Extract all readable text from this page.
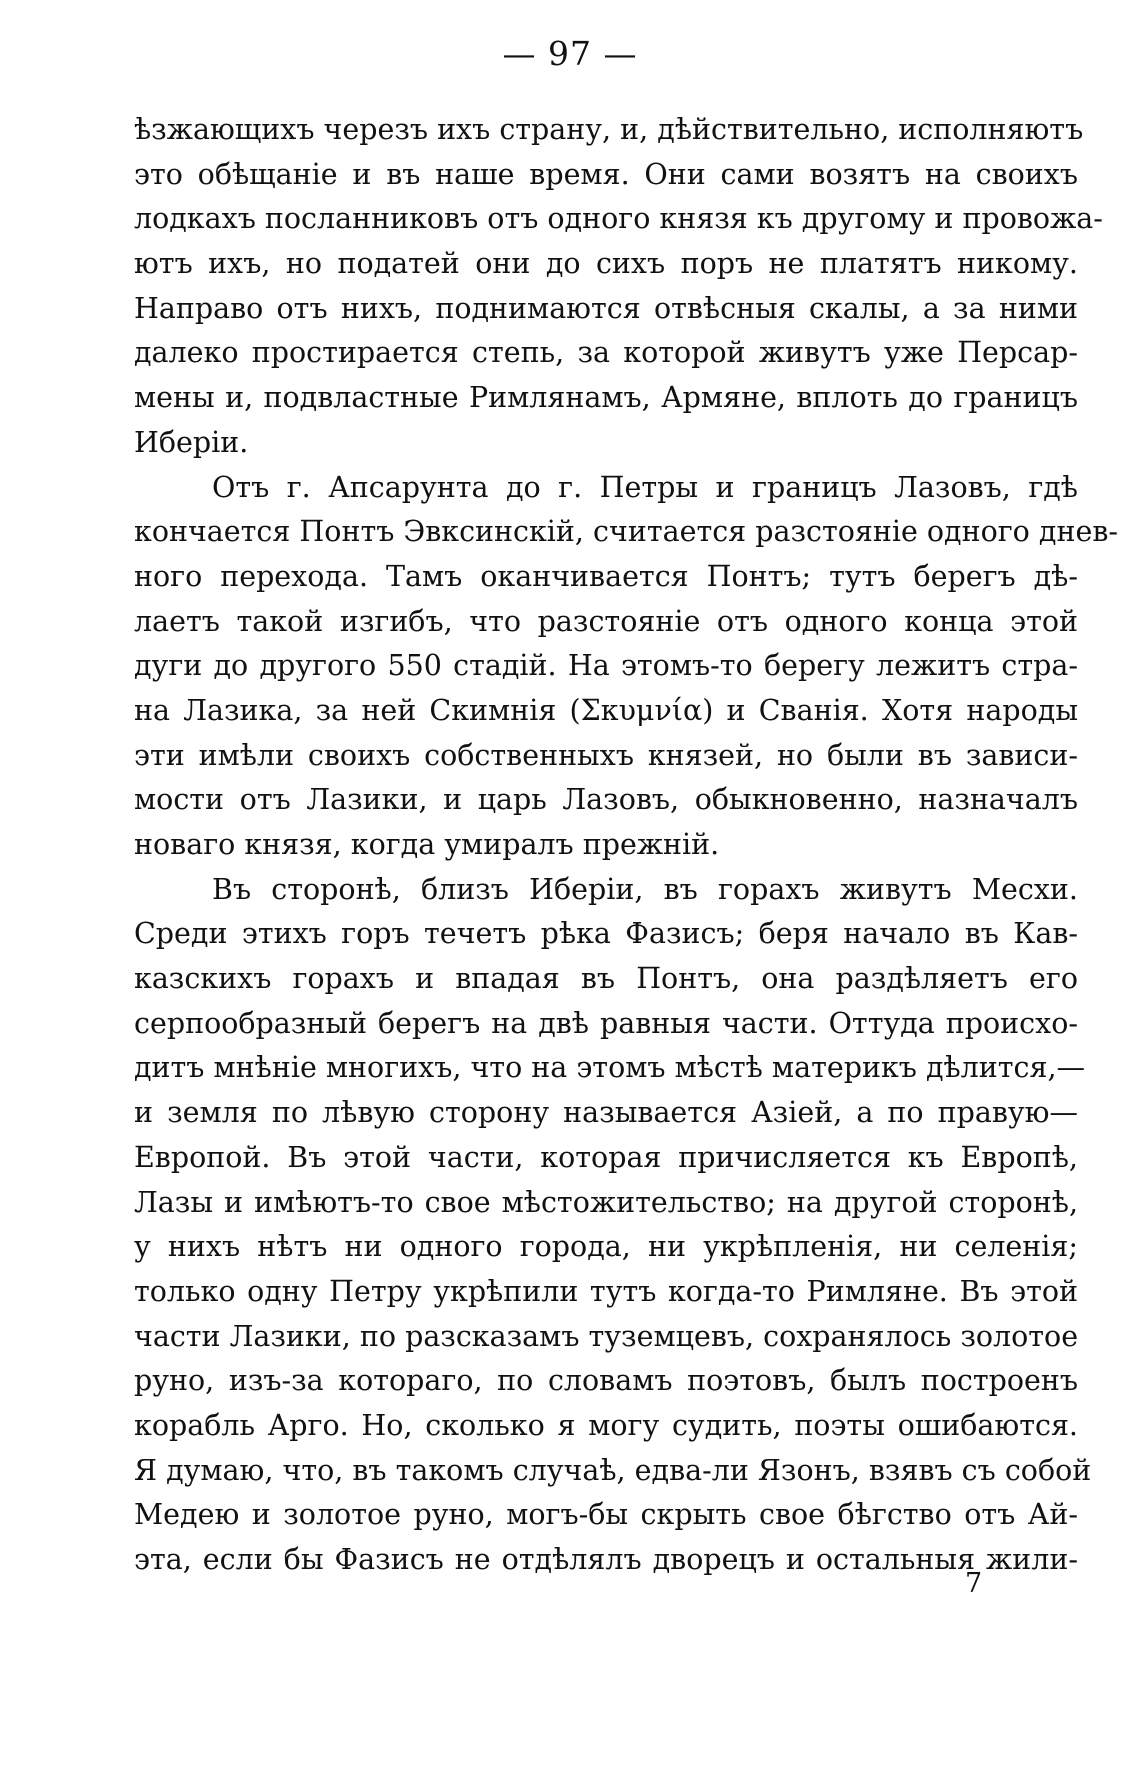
— 97 —
ѣзжающихъ черезъ ихъ страну, и, дѣйствительно, исполняютъ
это обѣщаніе и въ наше время. Они сами возятъ на своихъ
лодкахъ посланниковъ отъ одного князя къ другому и провожа-
ютъ ихъ, но податей они до сихъ поръ не платятъ никому.
Направо отъ нихъ, поднимаются отвѣсныя скалы, а за ними
далеко простирается степь, за которой живутъ уже Персар-
мены и, подвластные Римлянамъ, Армяне, вплоть до границъ
Иберіи.
Отъ г. Апсарунта до г. Петры и границъ Лазовъ, гдѣ
кончается Понтъ Эвксинскій, считается разстояніе одного днев-
ного перехода. Тамъ оканчивается Понтъ; тутъ берегъ дѣ-
лаетъ такой изгибъ, что разстояніе отъ одного конца этой
дуги до другого 550 стадій. На этомъ-то берегу лежитъ стра-
на Лазика, за ней Скимнія (Σκυμνία) и Сванія. Хотя народы
эти имѣли своихъ собственныхъ князей, но были въ зависи-
мости отъ Лазики, и царь Лазовъ, обыкновенно, назначалъ
новаго князя, когда умиралъ прежній.
Въ сторонѣ, близъ Иберіи, въ горахъ живутъ Месхи.
Среди этихъ горъ течетъ рѣка Фазисъ; беря начало въ Кав-
казскихъ горахъ и впадая въ Понтъ, она раздѣляетъ его
серпообразный берегъ на двѣ равныя части. Оттуда происхо-
дитъ мнѣніе многихъ, что на этомъ мѣстѣ материкъ дѣлится,—
и земля по лѣвую сторону называется Азіей, а по правую—
Европой. Въ этой части, которая причисляется къ Европѣ,
Лазы и имѣютъ-то свое мѣстожительство; на другой сторонѣ,
у нихъ нѣтъ ни одного города, ни укрѣпленія, ни селенія;
только одну Петру укрѣпили тутъ когда-то Римляне. Въ этой
части Лазики, по разсказамъ туземцевъ, сохранялось золотое
руно, изъ-за котораго, по словамъ поэтовъ, былъ построенъ
корабль Арго. Но, сколько я могу судить, поэты ошибаются.
Я думаю, что, въ такомъ случаѣ, едва-ли Язонъ, взявъ съ собой
Медею и золотое руно, могъ-бы скрыть свое бѣгство отъ Ай-
эта, если бы Фазисъ не отдѣлялъ дворецъ и остальныя жили-
7
